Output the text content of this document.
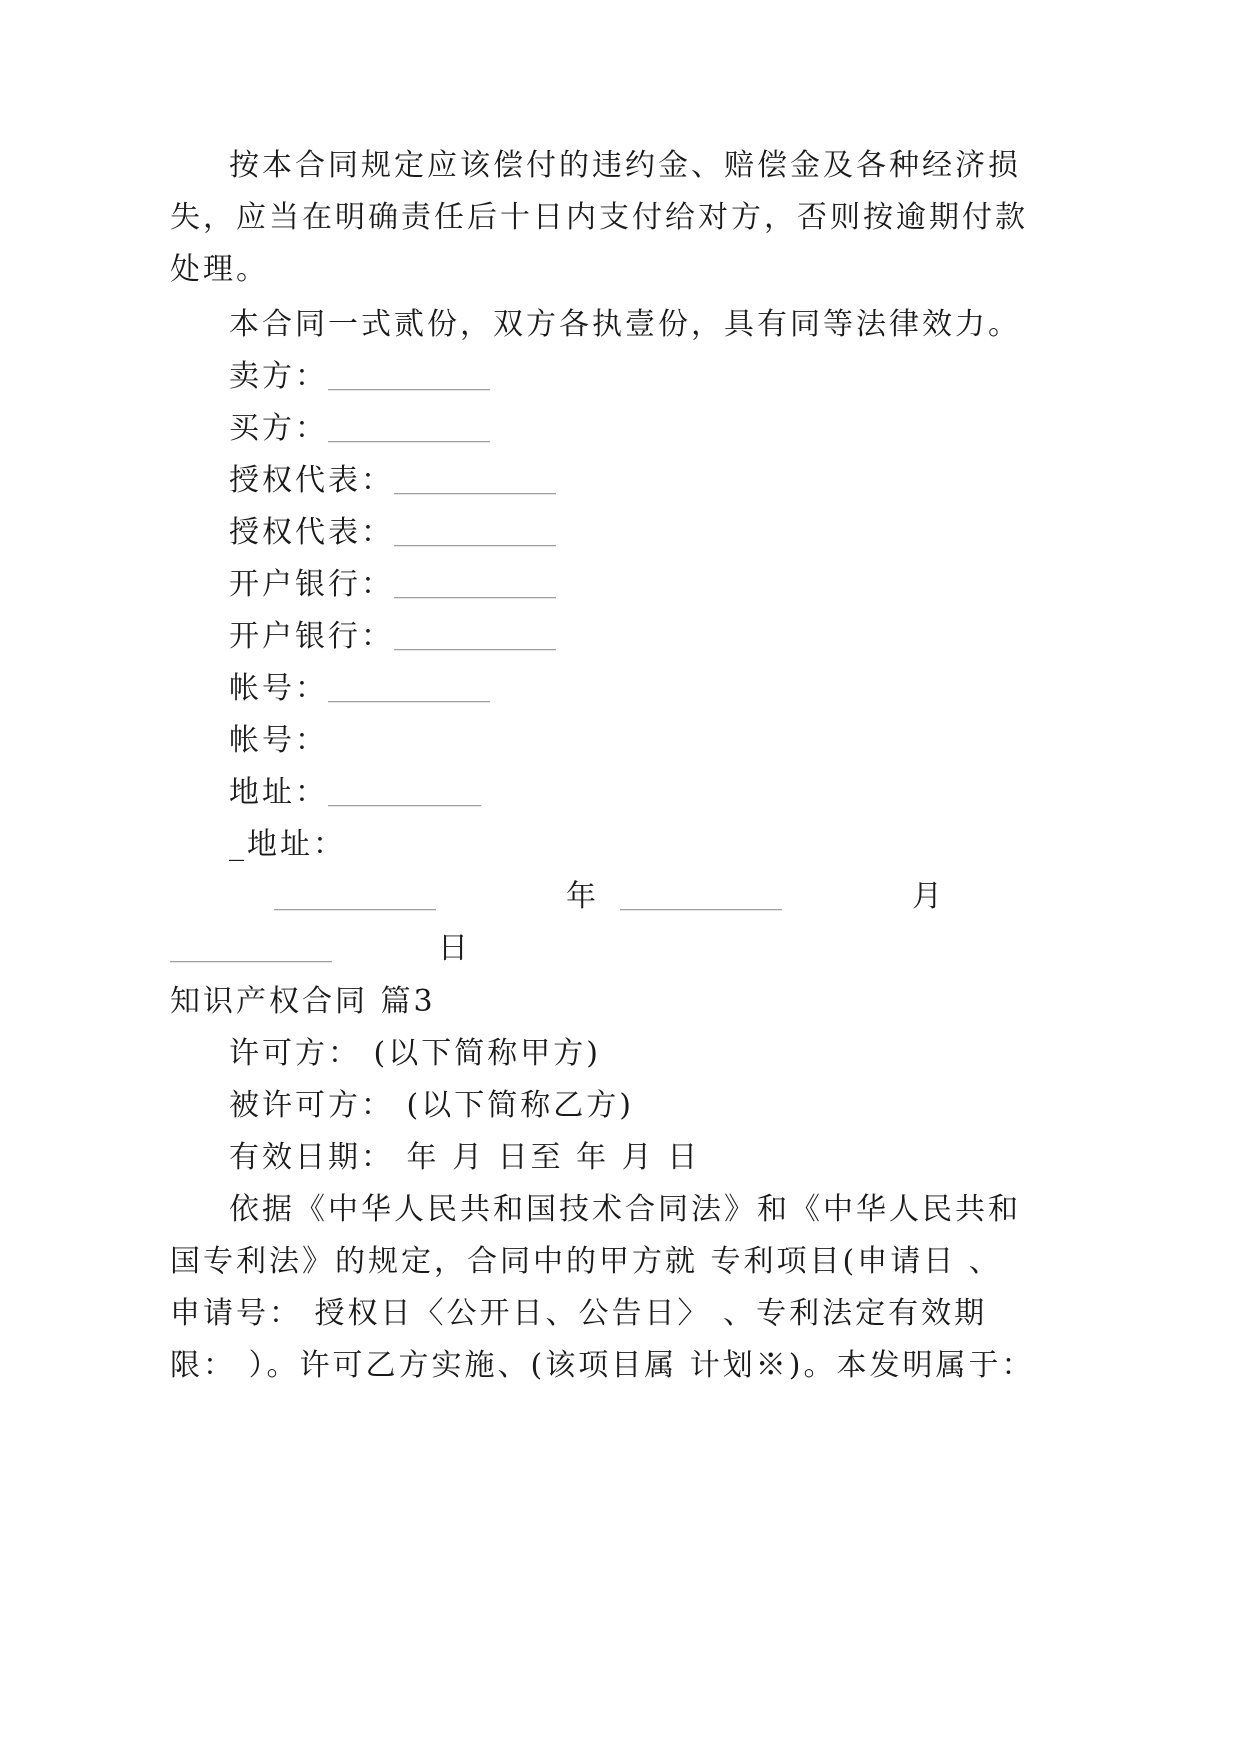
按本合同规定应该偿付的违约金、赔偿金及各种经济损
失，应当在明确责任后十日内支付给对方，否则按逾期付款
处理。
本合同一式贰份，双方各执壹份，具有同等法律效力。
卖方：__________________
买方：__________________
授权代表：__________________
授权代表：__________________
开户银行：__________________
开户银行：__________________
帐号：__________________
帐号：
地址：_________________
_地址：
__________________	年 __________________	月
__________________	日
知识产权合同 篇3
许可方： (以下简称甲方)
被许可方： (以下简称乙方)
有效日期： 年 月 日至 年 月 日
依据《中华人民共和国技术合同法》和《中华人民共和
国专利法》的规定，合同中的甲方就 专利项目(申请日 、
申请号： 授权日〈公开日、公告日〉 、专利法定有效期
限： ）。许可乙方实施、(该项目属 计划※)。本发明属于：
